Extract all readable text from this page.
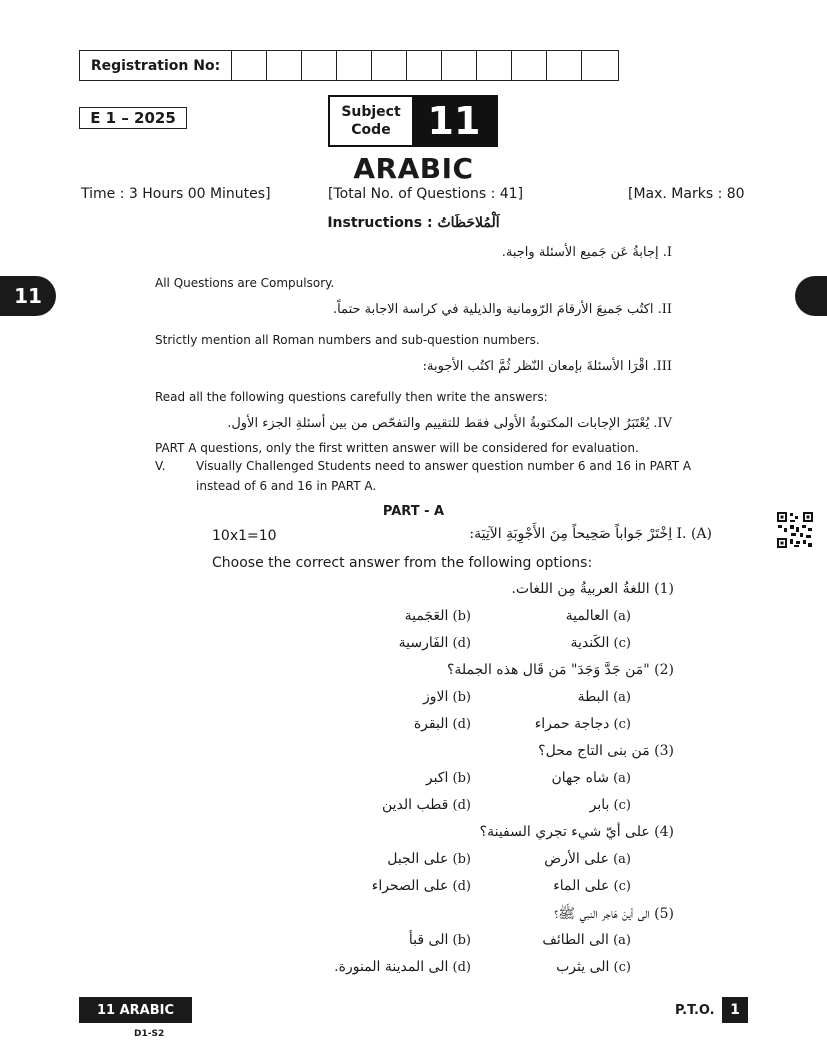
Registration No:
E 1 – 2025	Subject
Code 11
ARABIC
Time : 3 Hours 00 Minutes]	[Total No. of Questions : 41]	[Max. Marks : 80
Instructions : اَلْمُلاحَظَاتُ
11
I. إجابةُ عَن جَميع الأسئلة واجبة.
All Questions are Compulsory.
II. اكتُب جَميعَ الأرقامَ الرّومانية والذيلية في كراسة الاجابة حتماً.
Strictly mention all Roman numbers and sub-question numbers.
III. اقْرَا الأسئلةَ بإمعان النّظر ثُمَّ اكتُب الأجوبة:
Read all the following questions carefully then write the answers:
IV. يُعْتَبَرُ الإجابات المكتوبةُ الأولى فقط للتقييم والتفحّص من بين أسئلةِ الجزء الأول.
PART A questions, only the first written answer will be considered for evaluation.
V.	Visually Challenged Students need to answer question number 6 and 16 in PART A
instead of 6 and 16 in PART A.
PART - A
10x1=10	I. (A) اِخْتَرْ جَواباً صَحِيحاً مِنَ الأَجْوِبَةِ الآتِيَة:
Choose the correct answer from the following options:
(1) اللغةُ العربيةُ مِن اللغات.
(a) العالمية
(b) العَجَمية
(c) الكَندية
(d) الفَارسية
(2) "مَن جَدَّ وَجَدَ" مَن قَال هذه الجملة؟
(a) البطة
(b) الاوز
(c) دجاجة حمراء
(d) البقرة
(3) مَن بنى التاج محل؟
(a) شاه جهان
(b) اكبر
(c) بابر
(d) قطب الدين
(4) على أيّ شيء تجري السفينة؟
(a) على الأرض
(b) على الجبل
(c) على الماء
(d) على الصحراء
(5) الى أينَ هَاجر النبي ﷺ؟
(a) الى الطائف
(b) الى قبأ
(c) الى يثرب
(d) الى المدينة المنورة.
11 ARABIC
D1-S2
P.T.O.	1
